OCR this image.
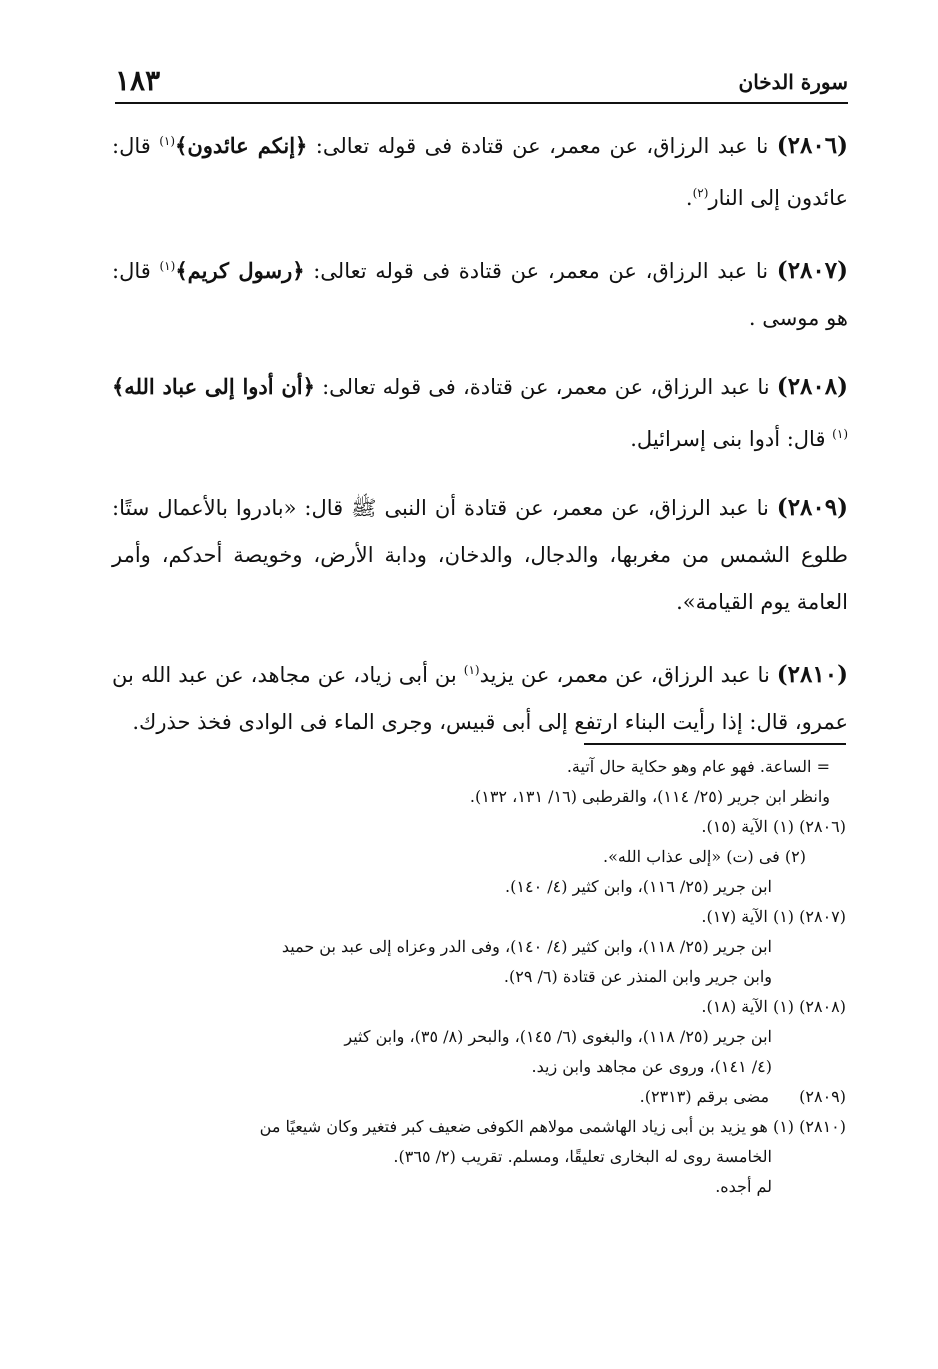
سورة الدخان
١٨٣

(٢٨٠٦) نا عبد الرزاق، عن معمر، عن قتادة فى قوله تعالى: ﴿إنكم عائدون﴾$^{(١)}$ قال: عائدون إلى النار$^{(٢)}$.

(٢٨٠٧) نا عبد الرزاق، عن معمر، عن قتادة فى قوله تعالى: ﴿رسول كريم﴾$^{(١)}$ قال: هو موسى .

(٢٨٠٨) نا عبد الرزاق، عن معمر، عن قتادة، فى قوله تعالى: ﴿أن أدوا إلى عباد الله﴾$^{(١)}$ قال: أدوا بنى إسرائيل.

(٢٨٠٩) نا عبد الرزاق، عن معمر، عن قتادة أن النبى ﷺ قال: «بادروا بالأعمال ستًا: طلوع الشمس من مغربها، والدجال، والدخان، ودابة الأرض، وخويصة أحدكم، وأمر العامة يوم القيامة».

(٢٨١٠) نا عبد الرزاق، عن معمر، عن يزيد$^{(١)}$ بن أبى زياد، عن مجاهد، عن عبد الله بن عمرو، قال: إذا رأيت البناء ارتفع إلى أبى قبيس، وجرى الماء فى الوادى فخذ حذرك.

= الساعة. فهو عام وهو حكاية حال آتية.
وانظر ابن جرير (٢٥/ ١١٤)، والقرطبى (١٦/ ١٣١، ١٣٢).
(٢٨٠٦) (١) الآية (١٥).
(٢) فى (ت) «إلى عذاب الله».
ابن جرير (٢٥/ ١١٦)، وابن كثير (٤/ ١٤٠).
(٢٨٠٧) (١) الآية (١٧).
ابن جرير (٢٥/ ١١٨)، وابن كثير (٤/ ١٤٠)، وفى الدر وعزاه إلى عبد بن حميد
وابن جرير وابن المنذر عن قتادة (٦/ ٢٩).
(٢٨٠٨) (١) الآية (١٨).
ابن جرير (٢٥/ ١١٨)، والبغوى (٦/ ١٤٥)، والبحر (٨/ ٣٥)، وابن كثير
(٤/ ١٤١)، وروى عن مجاهد وابن زيد.
(٢٨٠٩)مضى برقم (٢٣١٣).
(٢٨١٠) (١) هو يزيد بن أبى زياد الهاشمى مولاهم الكوفى ضعيف كبر فتغير وكان شيعيًا من
الخامسة روى له البخارى تعليقًا، ومسلم. تقريب (٢/ ٣٦٥).
لم أجده.
